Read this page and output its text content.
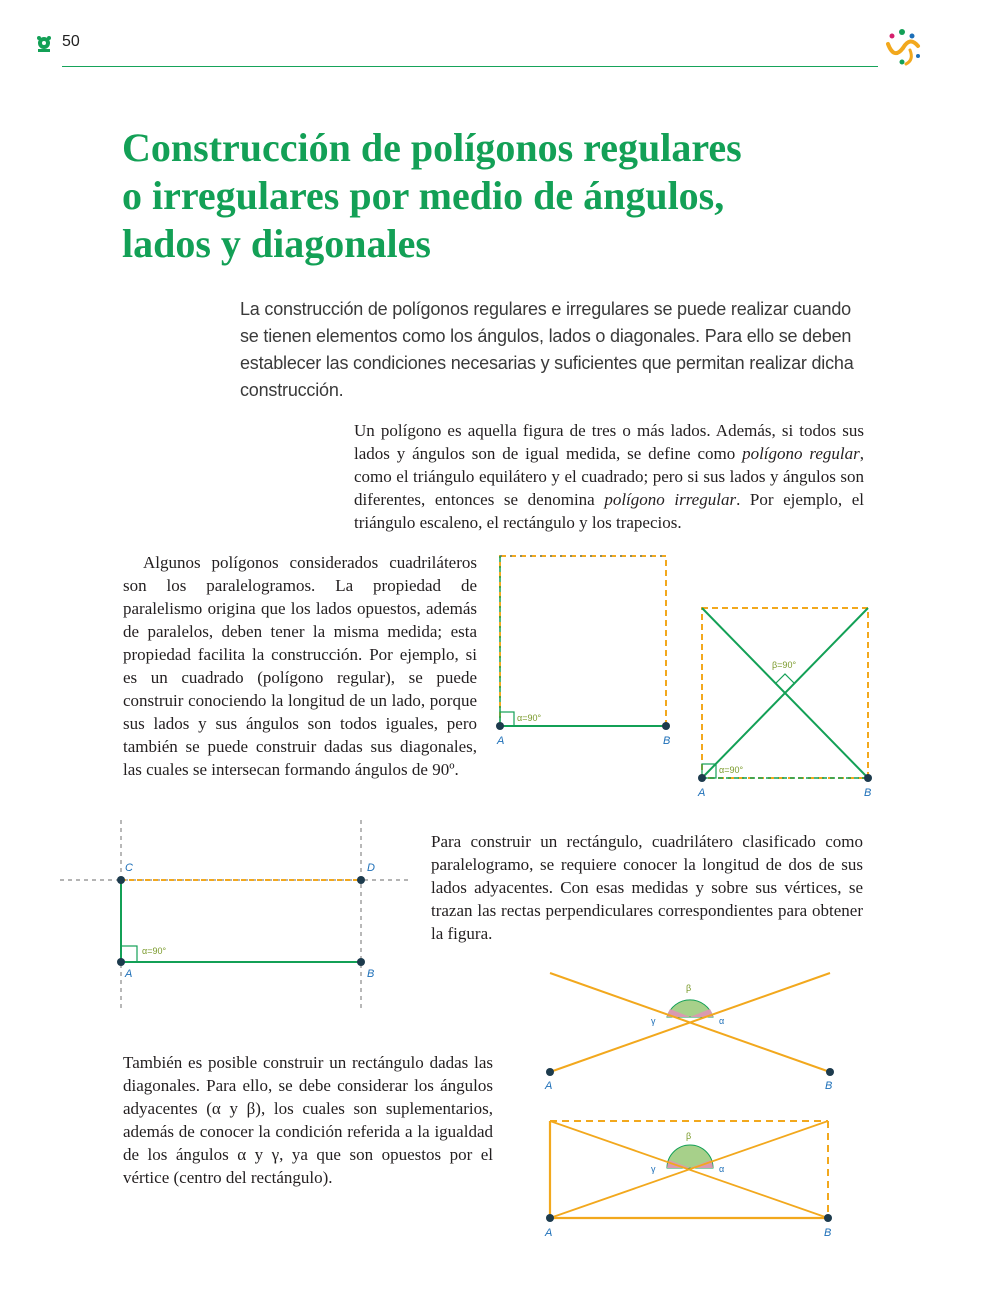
50
Construcción de polígonos regulares
o irregulares por medio de ángulos,
lados y diagonales

La construcción de polígonos regulares e irregulares se puede realizar cuando se tienen elementos como los ángulos, lados o diagonales. Para ello se deben establecer las condiciones necesarias y suficientes que permitan realizar dicha construcción.

Un polígono es aquella figura de tres o más lados. Además, si todos sus lados y ángulos son de igual medida, se define como polígono regular, como el triángulo equilátero y el cuadrado; pero si sus lados y ángulos son diferentes, entonces se denomina polígono irregular. Por ejemplo, el triángulo escaleno, el rectángulo y los trapecios.

Algunos polígonos considerados cuadriláteros son los paralelogramos. La propiedad de paralelismo origina que los lados opuestos, además de paralelos, deben tener la misma medida; esta propiedad facilita la construcción. Por ejemplo, si es un cuadrado (polígono regular), se puede construir conociendo la longitud de un lado, porque sus lados y sus ángulos son todos iguales, pero también se puede construir dadas sus diagonales, las cuales se intersecan formando ángulos de 90º.

α=90°
A	B
β=90°
α=90°
A	B
α=90°
C	D
A	B

Para construir un rectángulo, cuadrilátero clasificado como paralelogramo, se requiere conocer la longitud de dos de sus lados adyacentes. Con esas medidas y sobre sus vértices, se trazan las rectas perpendiculares correspondientes para obtener la figura.

β
α
γ
A	B

También es posible construir un rectángulo dadas las diagonales. Para ello, se debe considerar los ángulos adyacentes (α y β), los cuales son suplementarios, además de conocer la condición referida a la igualdad de los ángulos α y γ, ya que son opuestos por el vértice (centro del rectángulo).

β
α
γ
A	B
